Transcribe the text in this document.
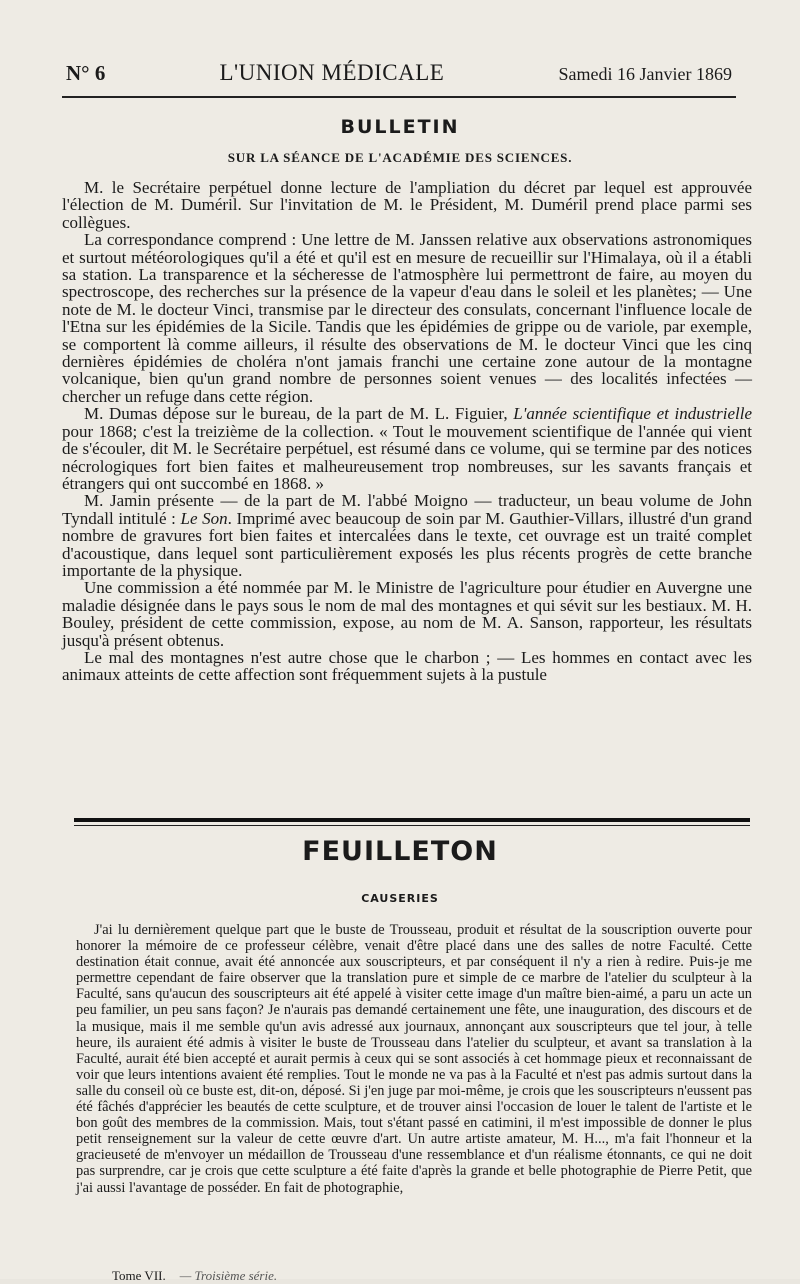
N° 6	L'UNION MÉDICALE	Samedi 16 Janvier 1869
BULLETIN
SUR LA SÉANCE DE L'ACADÉMIE DES SCIENCES.

M. le Secrétaire perpétuel donne lecture de l'ampliation du décret par lequel est approuvée l'élection de M. Duméril. Sur l'invitation de M. le Président, M. Duméril prend place parmi ses collègues.

La correspondance comprend : Une lettre de M. Janssen relative aux observations astronomiques et surtout météorologiques qu'il a été et qu'il est en mesure de recueillir sur l'Himalaya, où il a établi sa station. La transparence et la sécheresse de l'atmosphère lui permettront de faire, au moyen du spectroscope, des recherches sur la présence de la vapeur d'eau dans le soleil et les planètes; — Une note de M. le docteur Vinci, transmise par le directeur des consulats, concernant l'influence locale de l'Etna sur les épidémies de la Sicile. Tandis que les épidémies de grippe ou de variole, par exemple, se comportent là comme ailleurs, il résulte des observations de M. le docteur Vinci que les cinq dernières épidémies de choléra n'ont jamais franchi une certaine zone autour de la montagne volcanique, bien qu'un grand nombre de personnes soient venues — des localités infectées — chercher un refuge dans cette région.

M. Dumas dépose sur le bureau, de la part de M. L. Figuier, L'année scientifique et industrielle pour 1868; c'est la treizième de la collection. « Tout le mouvement scientifique de l'année qui vient de s'écouler, dit M. le Secrétaire perpétuel, est résumé dans ce volume, qui se termine par des notices nécrologiques fort bien faites et malheureusement trop nombreuses, sur les savants français et étrangers qui ont succombé en 1868. »

M. Jamin présente — de la part de M. l'abbé Moigno — traducteur, un beau volume de John Tyndall intitulé : Le Son. Imprimé avec beaucoup de soin par M. Gauthier-Villars, illustré d'un grand nombre de gravures fort bien faites et intercalées dans le texte, cet ouvrage est un traité complet d'acoustique, dans lequel sont particulièrement exposés les plus récents progrès de cette branche importante de la physique.

Une commission a été nommée par M. le Ministre de l'agriculture pour étudier en Auvergne une maladie désignée dans le pays sous le nom de mal des montagnes et qui sévit sur les bestiaux. M. H. Bouley, président de cette commission, expose, au nom de M. A. Sanson, rapporteur, les résultats jusqu'à présent obtenus.

Le mal des montagnes n'est autre chose que le charbon ; — Les hommes en contact avec les animaux atteints de cette affection sont fréquemment sujets à la pustule

FEUILLETON
CAUSERIES

J'ai lu dernièrement quelque part que le buste de Trousseau, produit et résultat de la souscription ouverte pour honorer la mémoire de ce professeur célèbre, venait d'être placé dans une des salles de notre Faculté. Cette destination était connue, avait été annoncée aux souscripteurs, et par conséquent il n'y a rien à redire. Puis-je me permettre cependant de faire observer que la translation pure et simple de ce marbre de l'atelier du sculpteur à la Faculté, sans qu'aucun des souscripteurs ait été appelé à visiter cette image d'un maître bien-aimé, a paru un acte un peu familier, un peu sans façon? Je n'aurais pas demandé certainement une fête, une inauguration, des discours et de la musique, mais il me semble qu'un avis adressé aux journaux, annonçant aux souscripteurs que tel jour, à telle heure, ils auraient été admis à visiter le buste de Trousseau dans l'atelier du sculpteur, et avant sa translation à la Faculté, aurait été bien accepté et aurait permis à ceux qui se sont associés à cet hommage pieux et reconnaissant de voir que leurs intentions avaient été remplies. Tout le monde ne va pas à la Faculté et n'est pas admis surtout dans la salle du conseil où ce buste est, dit-on, déposé. Si j'en juge par moi-même, je crois que les souscripteurs n'eussent pas été fâchés d'apprécier les beautés de cette sculpture, et de trouver ainsi l'occasion de louer le talent de l'artiste et le bon goût des membres de la commission. Mais, tout s'étant passé en catimini, il m'est impossible de donner le plus petit renseignement sur la valeur de cette œuvre d'art. Un autre artiste amateur, M. H..., m'a fait l'honneur et la gracieuseté de m'envoyer un médaillon de Trousseau d'une ressemblance et d'un réalisme étonnants, ce qui ne doit pas surprendre, car je crois que cette sculpture a été faite d'après la grande et belle photographie de Pierre Petit, que j'ai aussi l'avantage de posséder. En fait de photographie,

Tome VII. — Troisième série.
